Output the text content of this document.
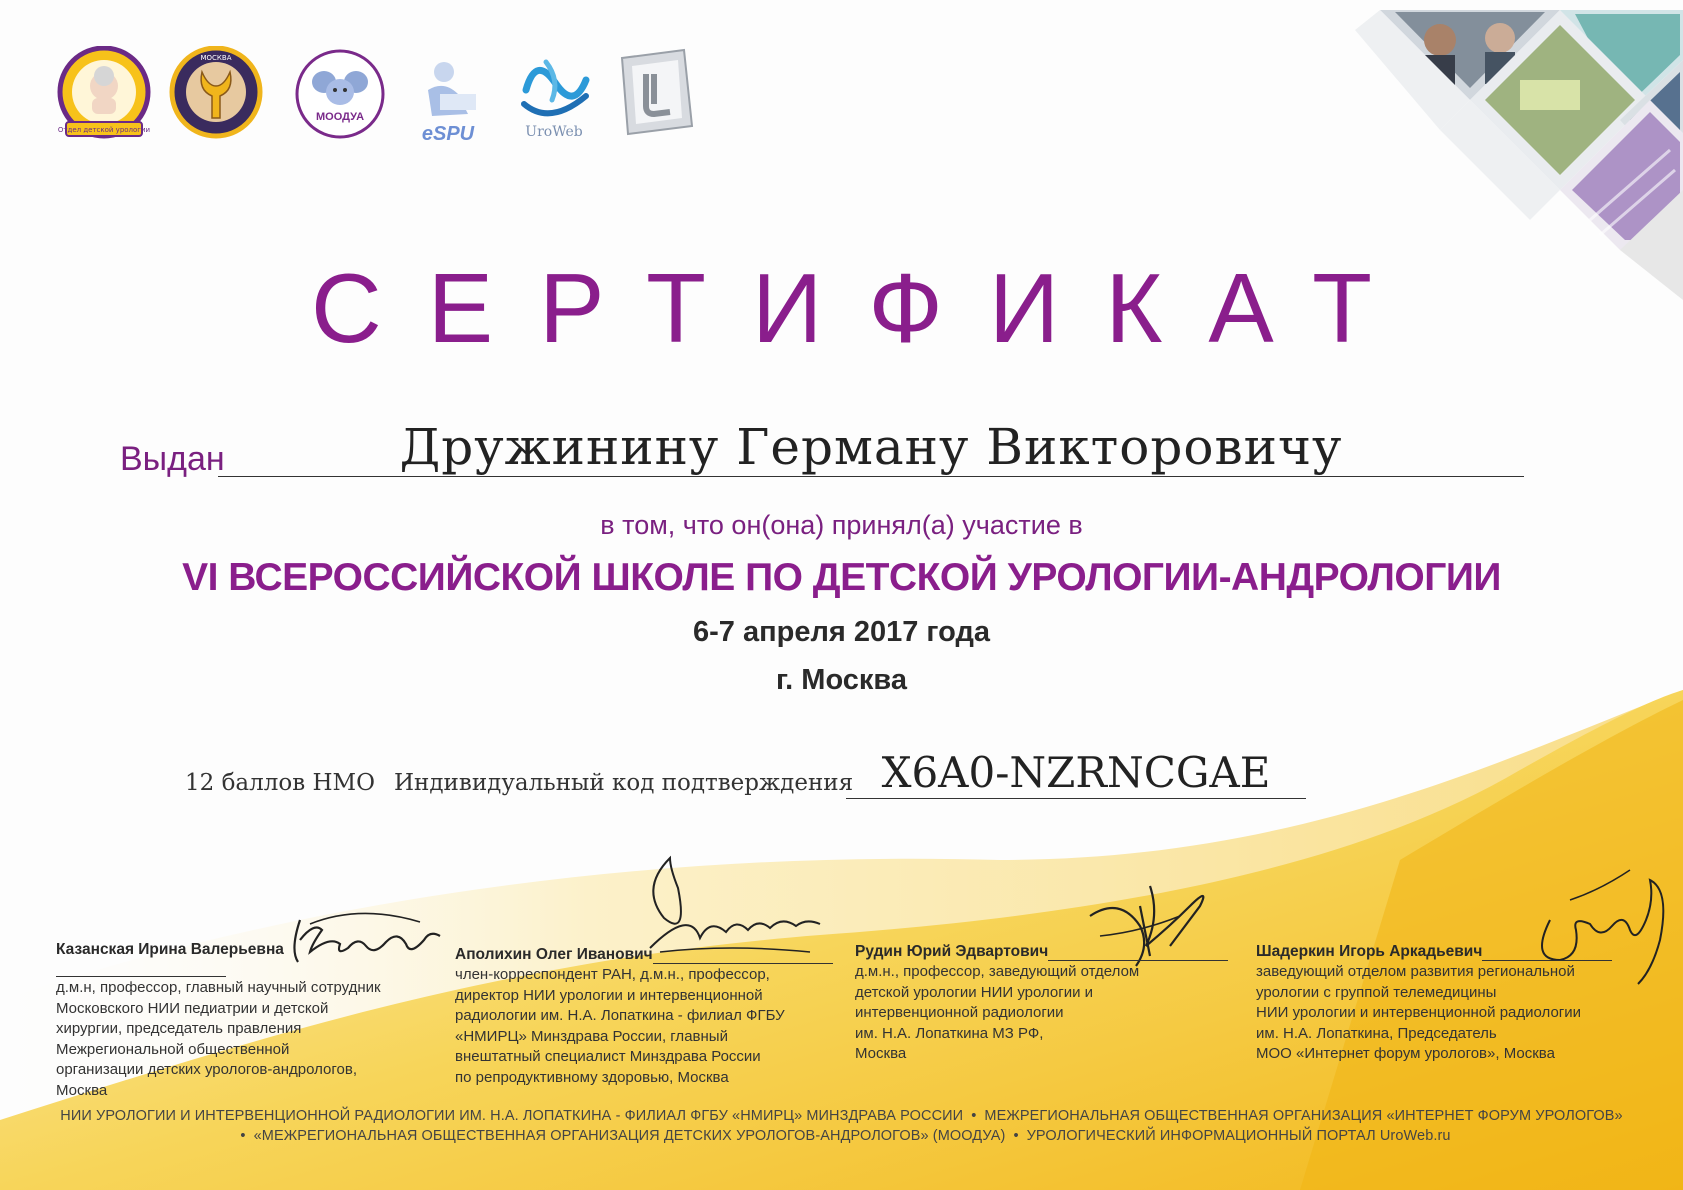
Отдел детской урологии
МОСКВА
МООДУА
eSPU	UroWeb
СЕРТИФИКАТ
Выдан	Дружинину Герману Викторовичу
в том, что он(она) принял(а) участие в
VI ВСЕРОССИЙСКОЙ ШКОЛЕ ПО ДЕТСКОЙ УРОЛОГИИ-АНДРОЛОГИИ
6-7 апреля 2017 года
г. Москва
12 баллов НМО Индивидуальный код подтверждения X6A0-NZRNCGAE
Казанская Ирина Валерьевна
д.м.н, профессор, главный научный сотрудник
Московского НИИ педиатрии и детской
хирургии, председатель правления
Межрегиональной общественной
организации детских урологов-андрологов,
Москва
Аполихин Олег Иванович
член-корреспондент РАН, д.м.н., профессор,
директор НИИ урологии и интервенционной
радиологии им. Н.А. Лопаткина - филиал ФГБУ
«НМИРЦ» Минздрава России, главный
внештатный специалист Минздрава России
по репродуктивному здоровью, Москва
Рудин Юрий Эдвартович
д.м.н., профессор, заведующий отделом
детской урологии НИИ урологии и
интервенционной радиологии
им. Н.А. Лопаткина МЗ РФ,
Москва
Шадеркин Игорь Аркадьевич
заведующий отделом развития региональной
урологии с группой телемедицины
НИИ урологии и интервенционной радиологии
им. Н.А. Лопаткина, Председатель
МОО «Интернет форум урологов», Москва
НИИ УРОЛОГИИ И ИНТЕРВЕНЦИОННОЙ РАДИОЛОГИИ ИМ. Н.А. ЛОПАТКИНА - ФИЛИАЛ ФГБУ «НМИРЦ» МИНЗДРАВА РОССИИ • МЕЖРЕГИОНАЛЬНАЯ ОБЩЕСТВЕННАЯ ОРГАНИЗАЦИЯ «ИНТЕРНЕТ ФОРУМ УРОЛОГОВ»
• «МЕЖРЕГИОНАЛЬНАЯ ОБЩЕСТВЕННАЯ ОРГАНИЗАЦИЯ ДЕТСКИХ УРОЛОГОВ-АНДРОЛОГОВ» (МООДУА) • УРОЛОГИЧЕСКИЙ ИНФОРМАЦИОННЫЙ ПОРТАЛ UroWeb.ru
